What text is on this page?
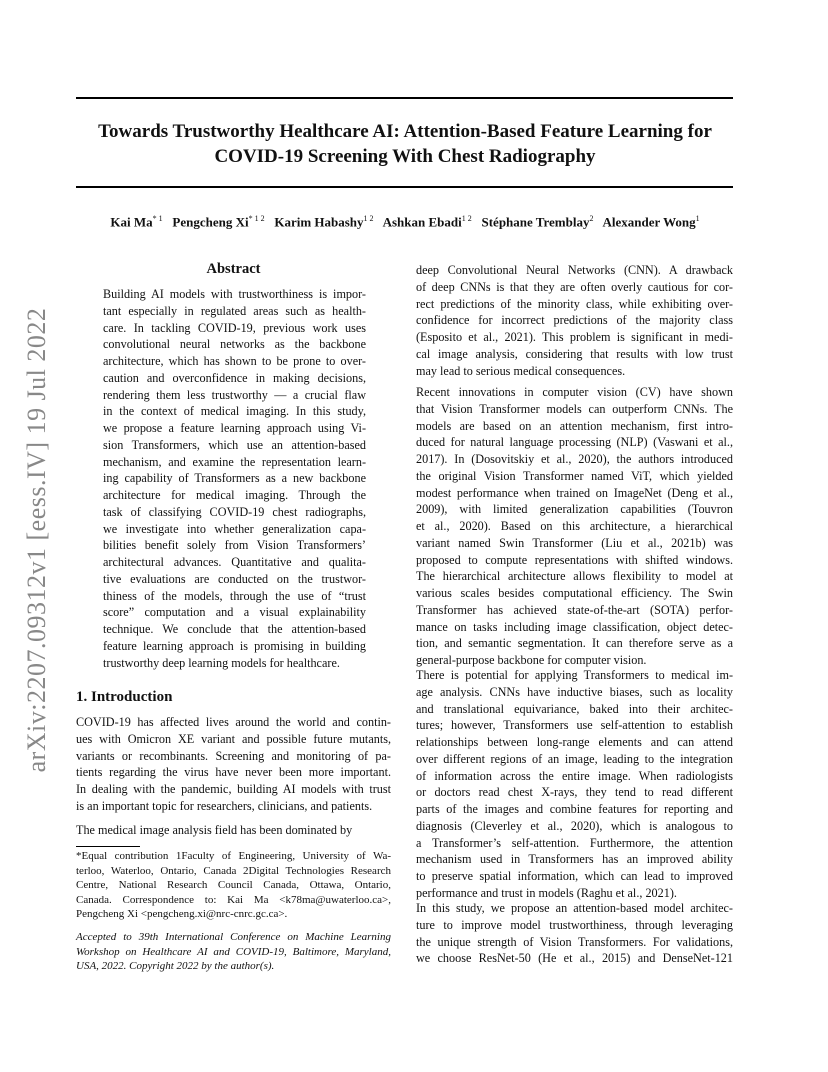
arXiv:2207.09312v1 [eess.IV] 19 Jul 2022
Towards Trustworthy Healthcare AI: Attention-Based Feature Learning for
COVID-19 Screening With Chest Radiography
Kai Ma$^{* 1}$ Pengcheng $Xi^{* 1 2}$ Karim Habashy$^{1 2}$ Ashkan Ebadi$^{1 2}$ Stéphane Tremblay$^2$ Alexander Wong$^1$
Abstract
Building AI models with trustworthiness is impor-
tant especially in regulated areas such as health-
care. In tackling COVID-19, previous work uses
convolutional neural networks as the backbone
architecture, which has shown to be prone to over-
caution and overconfidence in making decisions,
rendering them less trustworthy — a crucial flaw
in the context of medical imaging. In this study,
we propose a feature learning approach using Vi-
sion Transformers, which use an attention-based
mechanism, and examine the representation learn-
ing capability of Transformers as a new backbone
architecture for medical imaging. Through the
task of classifying COVID-19 chest radiographs,
we investigate into whether generalization capa-
bilities benefit solely from Vision Transformers’
architectural advances. Quantitative and qualita-
tive evaluations are conducted on the trustwor-
thiness of the models, through the use of “trust
score” computation and a visual explainability
technique. We conclude that the attention-based
feature learning approach is promising in building
trustworthy deep learning models for healthcare.
1. Introduction
COVID-19 has affected lives around the world and contin-
ues with Omicron XE variant and possible future mutants,
variants or recombinants. Screening and monitoring of pa-
tients regarding the virus have never been more important.
In dealing with the pandemic, building AI models with trust
is an important topic for researchers, clinicians, and patients.
The medical image analysis field has been dominated by
*Equal contribution 1Faculty of Engineering, University of Wa-
terloo, Waterloo, Ontario, Canada 2Digital Technologies Research
Centre, National Research Council Canada, Ottawa, Ontario,
Canada. Correspondence to: Kai Ma <k78ma@uwaterloo.ca>,
Pengcheng Xi <pengcheng.xi@nrc-cnrc.gc.ca>.
Accepted to 39th International Conference on Machine Learning
Workshop on Healthcare AI and COVID-19, Baltimore, Maryland,
USA, 2022. Copyright 2022 by the author(s).
deep Convolutional Neural Networks (CNN). A drawback
of deep CNNs is that they are often overly cautious for cor-
rect predictions of the minority class, while exhibiting over-
confidence for incorrect predictions of the majority class
(Esposito et al., 2021). This problem is significant in medi-
cal image analysis, considering that results with low trust
may lead to serious medical consequences.
Recent innovations in computer vision (CV) have shown
that Vision Transformer models can outperform CNNs. The
models are based on an attention mechanism, first intro-
duced for natural language processing (NLP) (Vaswani et al.,
2017). In (Dosovitskiy et al., 2020), the authors introduced
the original Vision Transformer named ViT, which yielded
modest performance when trained on ImageNet (Deng et al.,
2009), with limited generalization capabilities (Touvron
et al., 2020). Based on this architecture, a hierarchical
variant named Swin Transformer (Liu et al., 2021b) was
proposed to compute representations with shifted windows.
The hierarchical architecture allows flexibility to model at
various scales besides computational efficiency. The Swin
Transformer has achieved state-of-the-art (SOTA) perfor-
mance on tasks including image classification, object detec-
tion, and semantic segmentation. It can therefore serve as a
general-purpose backbone for computer vision.
There is potential for applying Transformers to medical im-
age analysis. CNNs have inductive biases, such as locality
and translational equivariance, baked into their architec-
tures; however, Transformers use self-attention to establish
relationships between long-range elements and can attend
over different regions of an image, leading to the integration
of information across the entire image. When radiologists
or doctors read chest X-rays, they tend to read different
parts of the images and combine features for reporting and
diagnosis (Cleverley et al., 2020), which is analogous to
a Transformer’s self-attention. Furthermore, the attention
mechanism used in Transformers has an improved ability
to preserve spatial information, which can lead to improved
performance and trust in models (Raghu et al., 2021).
In this study, we propose an attention-based model architec-
ture to improve model trustworthiness, through leveraging
the unique strength of Vision Transformers. For validations,
we choose ResNet-50 (He et al., 2015) and DenseNet-121
